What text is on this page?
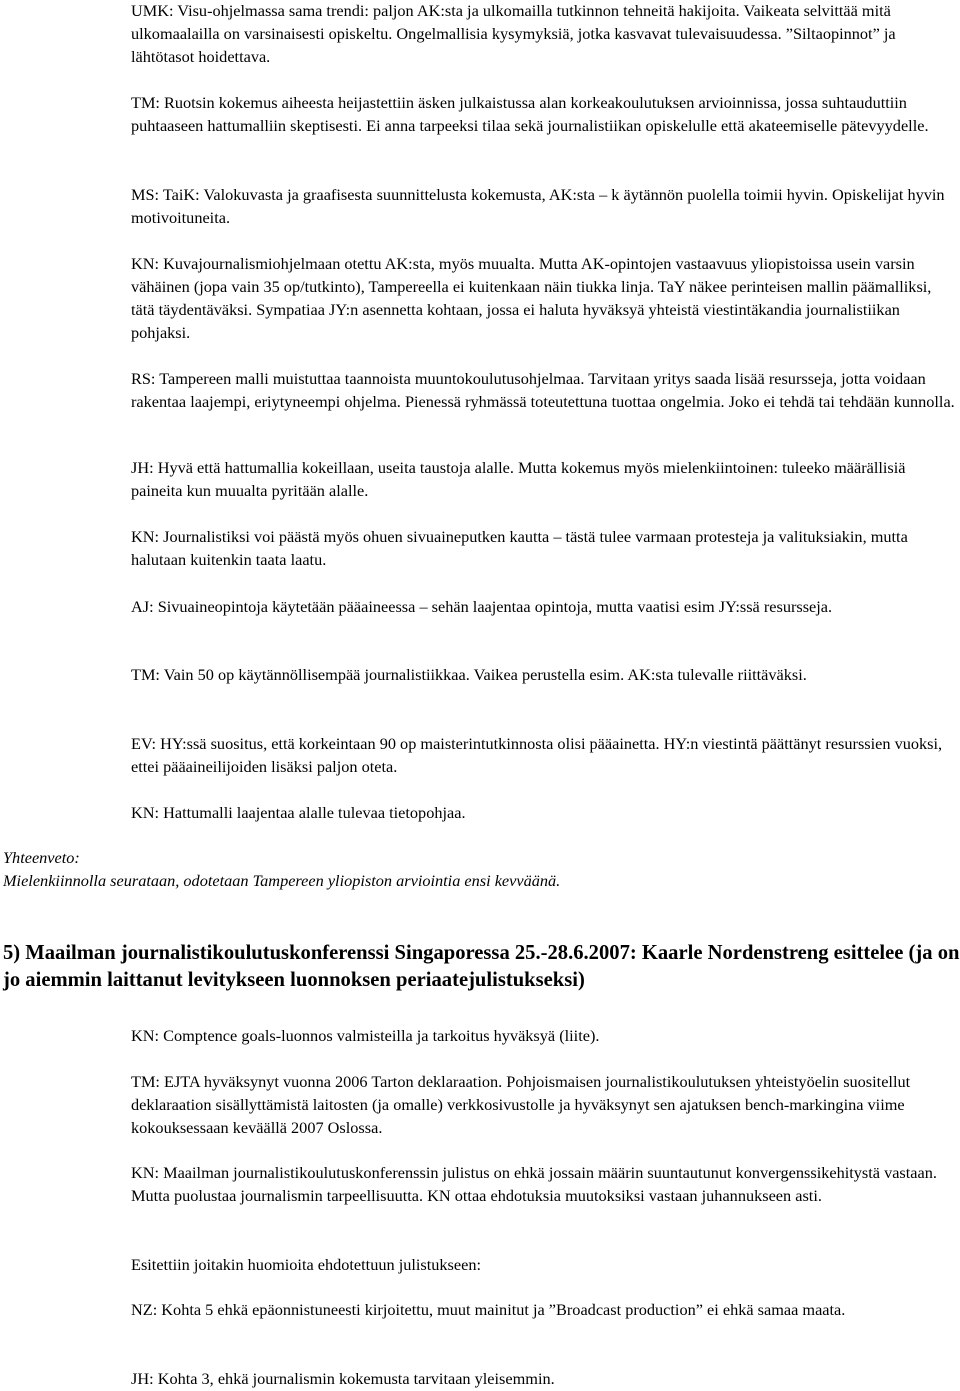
UMK: Visu-ohjelmassa sama trendi: paljon AK:sta ja ulkomailla tutkinnon tehneitä hakijoita. Vaikeata selvittää mitä ulkomaalailla on varsinaisesti opiskeltu. Ongelmallisia kysymyksiä, jotka kasvavat tulevaisuudessa. ”Siltaopinnot” ja lähtötasot hoidettava.

TM: Ruotsin kokemus aiheesta heijastettiin äsken julkaistussa alan korkeakoulutuksen arvioinnissa, jossa suhtauduttiin puhtaaseen hattumalliin skeptisesti. Ei anna tarpeeksi tilaa sekä journalistiikan opiskelulle että akateemiselle pätevyydelle.

MS: TaiK: Valokuvasta ja graafisesta suunnittelusta kokemusta, AK:sta – k äytännön puolella toimii hyvin. Opiskelijat hyvin motivoituneita.

KN: Kuvajournalismiohjelmaan otettu AK:sta, myös muualta. Mutta AK-opintojen vastaavuus yliopistoissa usein varsin vähäinen (jopa vain 35 op/tutkinto), Tampereella ei kuitenkaan näin tiukka linja. TaY näkee perinteisen mallin päämalliksi, tätä täydentäväksi. Sympatiaa JY:n asennetta kohtaan, jossa ei haluta hyväksyä yhteistä viestintäkandia journalistiikan pohjaksi.

RS: Tampereen malli muistuttaa taannoista muuntokoulutusohjelmaa. Tarvitaan yritys saada lisää resursseja, jotta voidaan rakentaa laajempi, eriytyneempi ohjelma. Pienessä ryhmässä toteutettuna tuottaa ongelmia. Joko ei tehdä tai tehdään kunnolla.

JH: Hyvä että hattumallia kokeillaan, useita taustoja alalle. Mutta kokemus myös mielenkiintoinen: tuleeko määrällisiä paineita kun muualta pyritään alalle.

KN: Journalistiksi voi päästä myös ohuen sivuaineputken kautta – tästä tulee varmaan protesteja ja valituksiakin, mutta halutaan kuitenkin taata laatu.

AJ: Sivuaineopintoja käytetään pääaineessa – sehän laajentaa opintoja, mutta vaatisi esim JY:ssä resursseja.

TM: Vain 50 op käytännöllisempää journalistiikkaa. Vaikea perustella esim. AK:sta tulevalle riittäväksi.

EV: HY:ssä suositus, että korkeintaan 90 op maisterintutkinnosta olisi pääainetta. HY:n viestintä päättänyt resurssien vuoksi, ettei pääaineilijoiden lisäksi paljon oteta.

KN: Hattumalli laajentaa alalle tulevaa tietopohjaa.

Yhteenveto:
Mielenkiinnolla seurataan, odotetaan Tampereen yliopiston arviointia ensi kevväänä.
5) Maailman journalistikoulutuskonferenssi Singaporessa 25.-28.6.2007: Kaarle Nordenstreng esittelee (ja on jo aiemmin laittanut levitykseen luonnoksen periaatejulistukseksi)

KN: Comptence goals-luonnos valmisteilla ja tarkoitus hyväksyä (liite).

TM: EJTA hyväksynyt vuonna 2006 Tarton deklaraation. Pohjoismaisen journalistikoulutuksen yhteistyöelin suositellut deklaraation sisällyttämistä laitosten (ja omalle) verkkosivustolle ja hyväksynyt sen ajatuksen bench-markingina viime kokouksessaan keväällä 2007 Oslossa.

KN: Maailman journalistikoulutuskonferenssin julistus on ehkä jossain määrin suuntautunut konvergenssikehitystä vastaan. Mutta puolustaa journalismin tarpeellisuutta. KN ottaa ehdotuksia muutoksiksi vastaan juhannukseen asti.

Esitettiin joitakin huomioita ehdotettuun julistukseen:

NZ: Kohta 5 ehkä epäonnistuneesti kirjoitettu, muut mainitut ja ”Broadcast production” ei ehkä samaa maata.

JH: Kohta 3, ehkä journalismin kokemusta tarvitaan yleisemmin.
